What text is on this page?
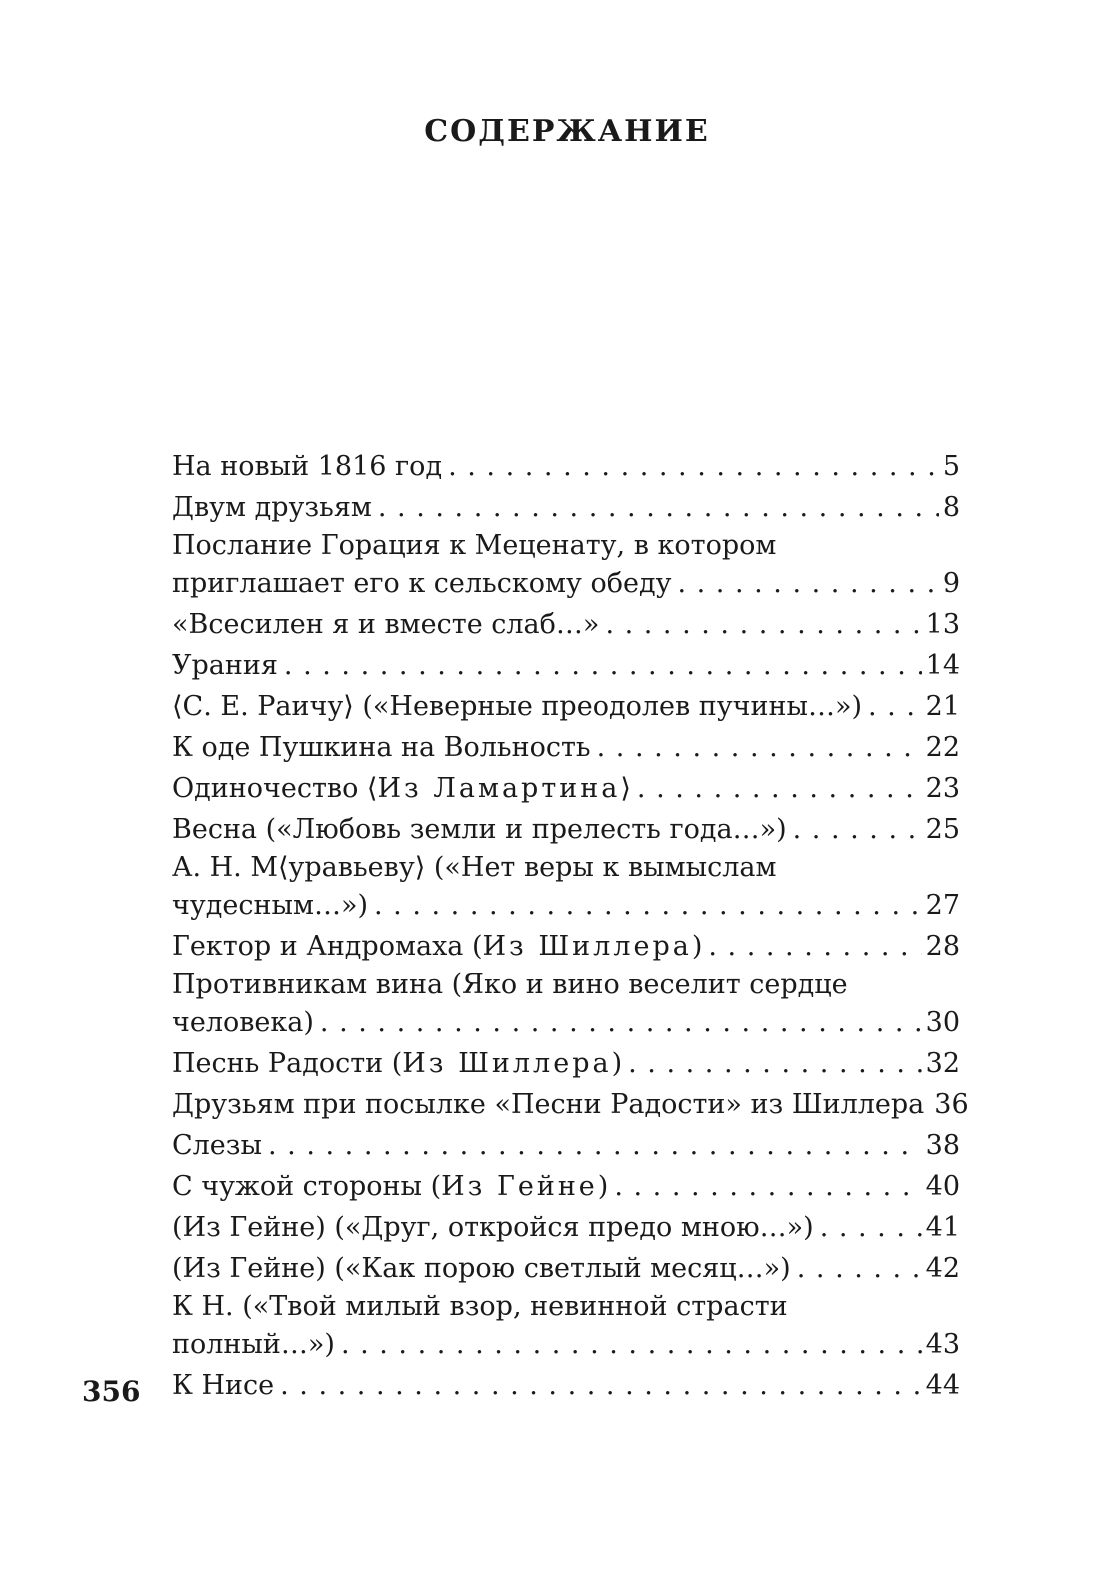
СОДЕРЖАНИЕ
На новый 1816 год . . .	5
Двум друзьям . . .	8
Послание Горация к Меценату, в котором
приглашает его к сельскому обеду . . .	9
«Всесилен я и вместе слаб…» . . .	13
Урания . . .	14
⟨С. Е. Раичу⟩ («Неверные преодолев пучины…») . . . 21
К оде Пушкина на Вольность . . .	22
Одиночество ⟨Из Ламартина⟩ . . .	23
Весна («Любовь земли и прелесть года…») . . .	25
А. Н. М⟨уравьеву⟩ («Нет веры к вымыслам
чудесным…») . . .	27
Гектор и Андромаха (Из Шиллера) . . .	28
Противникам вина (Яко и вино веселит сердце
человека) . . .	30
Песнь Радости (Из Шиллера) . . .	32
Друзьям при посылке «Песни Радости» из Шиллера 36
Слезы . . .	38
С чужой стороны (Из Гейне) . . .	40
(Из Гейне) («Друг, откройся предо мною…») . . .	41
(Из Гейне) («Как порою светлый месяц…») . . .	42
К Н. («Твой милый взор, невинной страсти
полный…») . . .	43
К Нисе . . .	44
356
